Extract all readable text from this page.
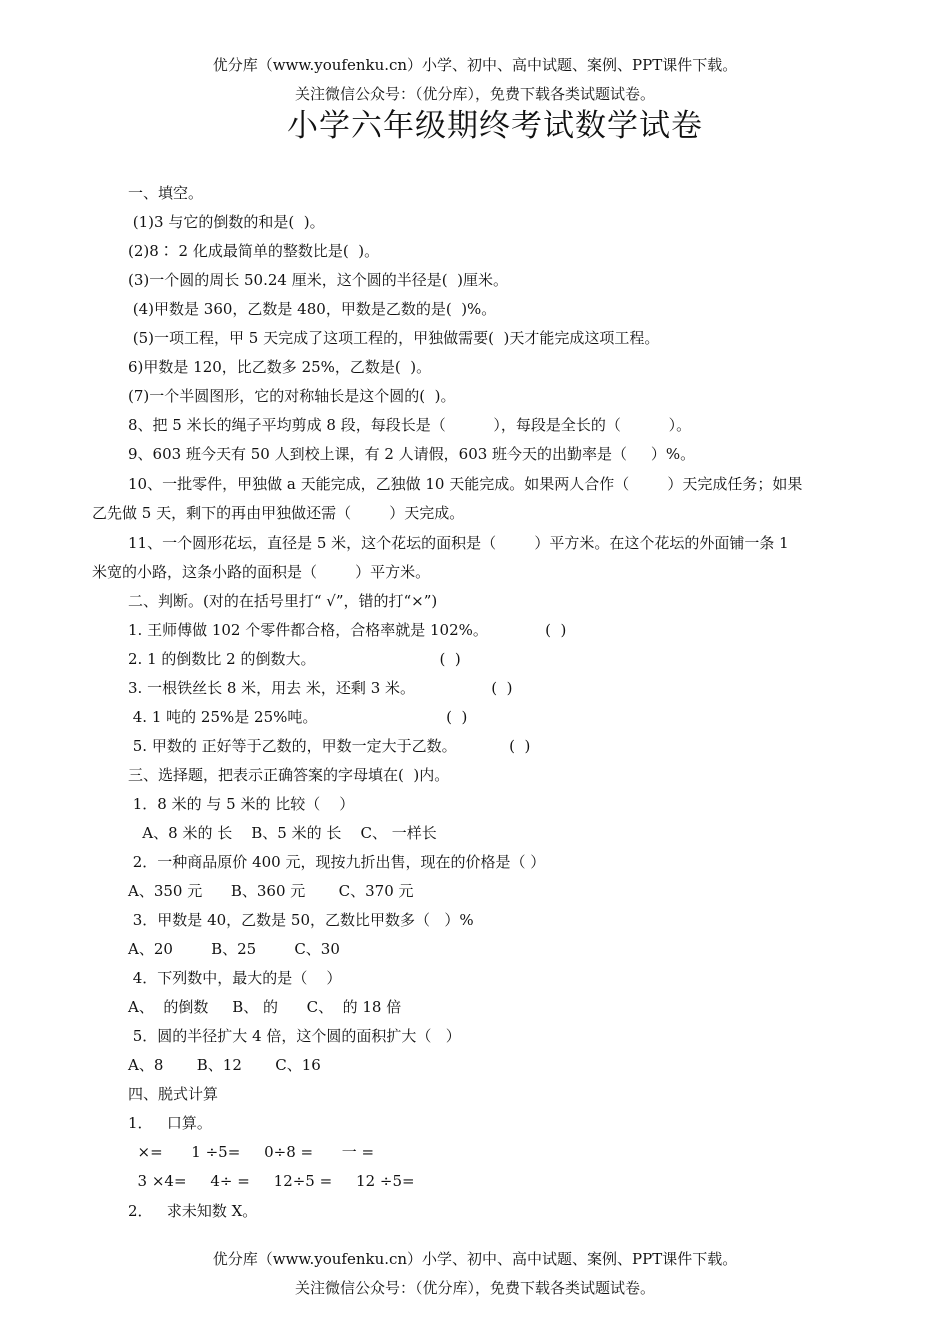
优分库（www.youfenku.cn）小学、初中、高中试题、案例、PPT课件下载。
关注微信公众号：（优分库），免费下载各类试题试卷。
小学六年级期终考试数学试卷
一、填空。
(1)3 与它的倒数的和是(  )。
(2)8∶ 2 化成最简单的整数比是(  )。
(3)一个圆的周长 50.24 厘米，这个圆的半径是(  )厘米。
(4)甲数是 360，乙数是 480，甲数是乙数的是(  )%。
(5)一项工程，甲 5 天完成了这项工程的，甲独做需要(  )天才能完成这项工程。
6)甲数是 120，比乙数多 25%，乙数是(  )。
(7)一个半圆图形，它的对称轴长是这个圆的(  )。
8、把 5 米长的绳子平均剪成 8 段，每段长是（          ），每段是全长的（          ）。
9、603 班今天有 50 人到校上课，有 2 人请假，603 班今天的出勤率是（     ）%。
10、一批零件，甲独做 a 天能完成，乙独做 10 天能完成。如果两人合作（        ）天完成任务；如果
乙先做 5 天，剩下的再由甲独做还需（        ）天完成。
11、一个圆形花坛，直径是 5 米，这个花坛的面积是（        ）平方米。在这个花坛的外面铺一条 1
米宽的小路，这条小路的面积是（        ）平方米。
二、判断。(对的在括号里打“ √”，错的打“×”)
1. 王师傅做 102 个零件都合格，合格率就是 102%。            (  )
2. 1 的倒数比 2 的倒数大。                          (  )
3. 一根铁丝长 8 米，用去 米，还剩 3 米。                (  )
4. 1 吨的 25%是 25%吨。                           (  )
5. 甲数的 正好等于乙数的，甲数一定大于乙数。           (  )
三、选择题，把表示正确答案的字母填在(  )内。
1．8 米的 与 5 米的 比较（    ）
A、8 米的 长    B、5 米的 长    C、 一样长
2．一种商品原价 400 元，现按九折出售，现在的价格是（ ）
A、350 元      B、360 元       C、370 元
3．甲数是 40，乙数是 50，乙数比甲数多（   ）%
A、20        B、25        C、30
4．下列数中，最大的是（    ）
A、  的倒数     B、 的      C、  的 18 倍
5．圆的半径扩大 4 倍，这个圆的面积扩大（   ）
A、8       B、12       C、16
四、脱式计算
1．   口算。
×=      1 ÷5=     0÷8 =      一 =
3 ×4=     4÷ =     12÷5 =     12 ÷5=
2．   求未知数 X。
优分库（www.youfenku.cn）小学、初中、高中试题、案例、PPT课件下载。
关注微信公众号：（优分库），免费下载各类试题试卷。
